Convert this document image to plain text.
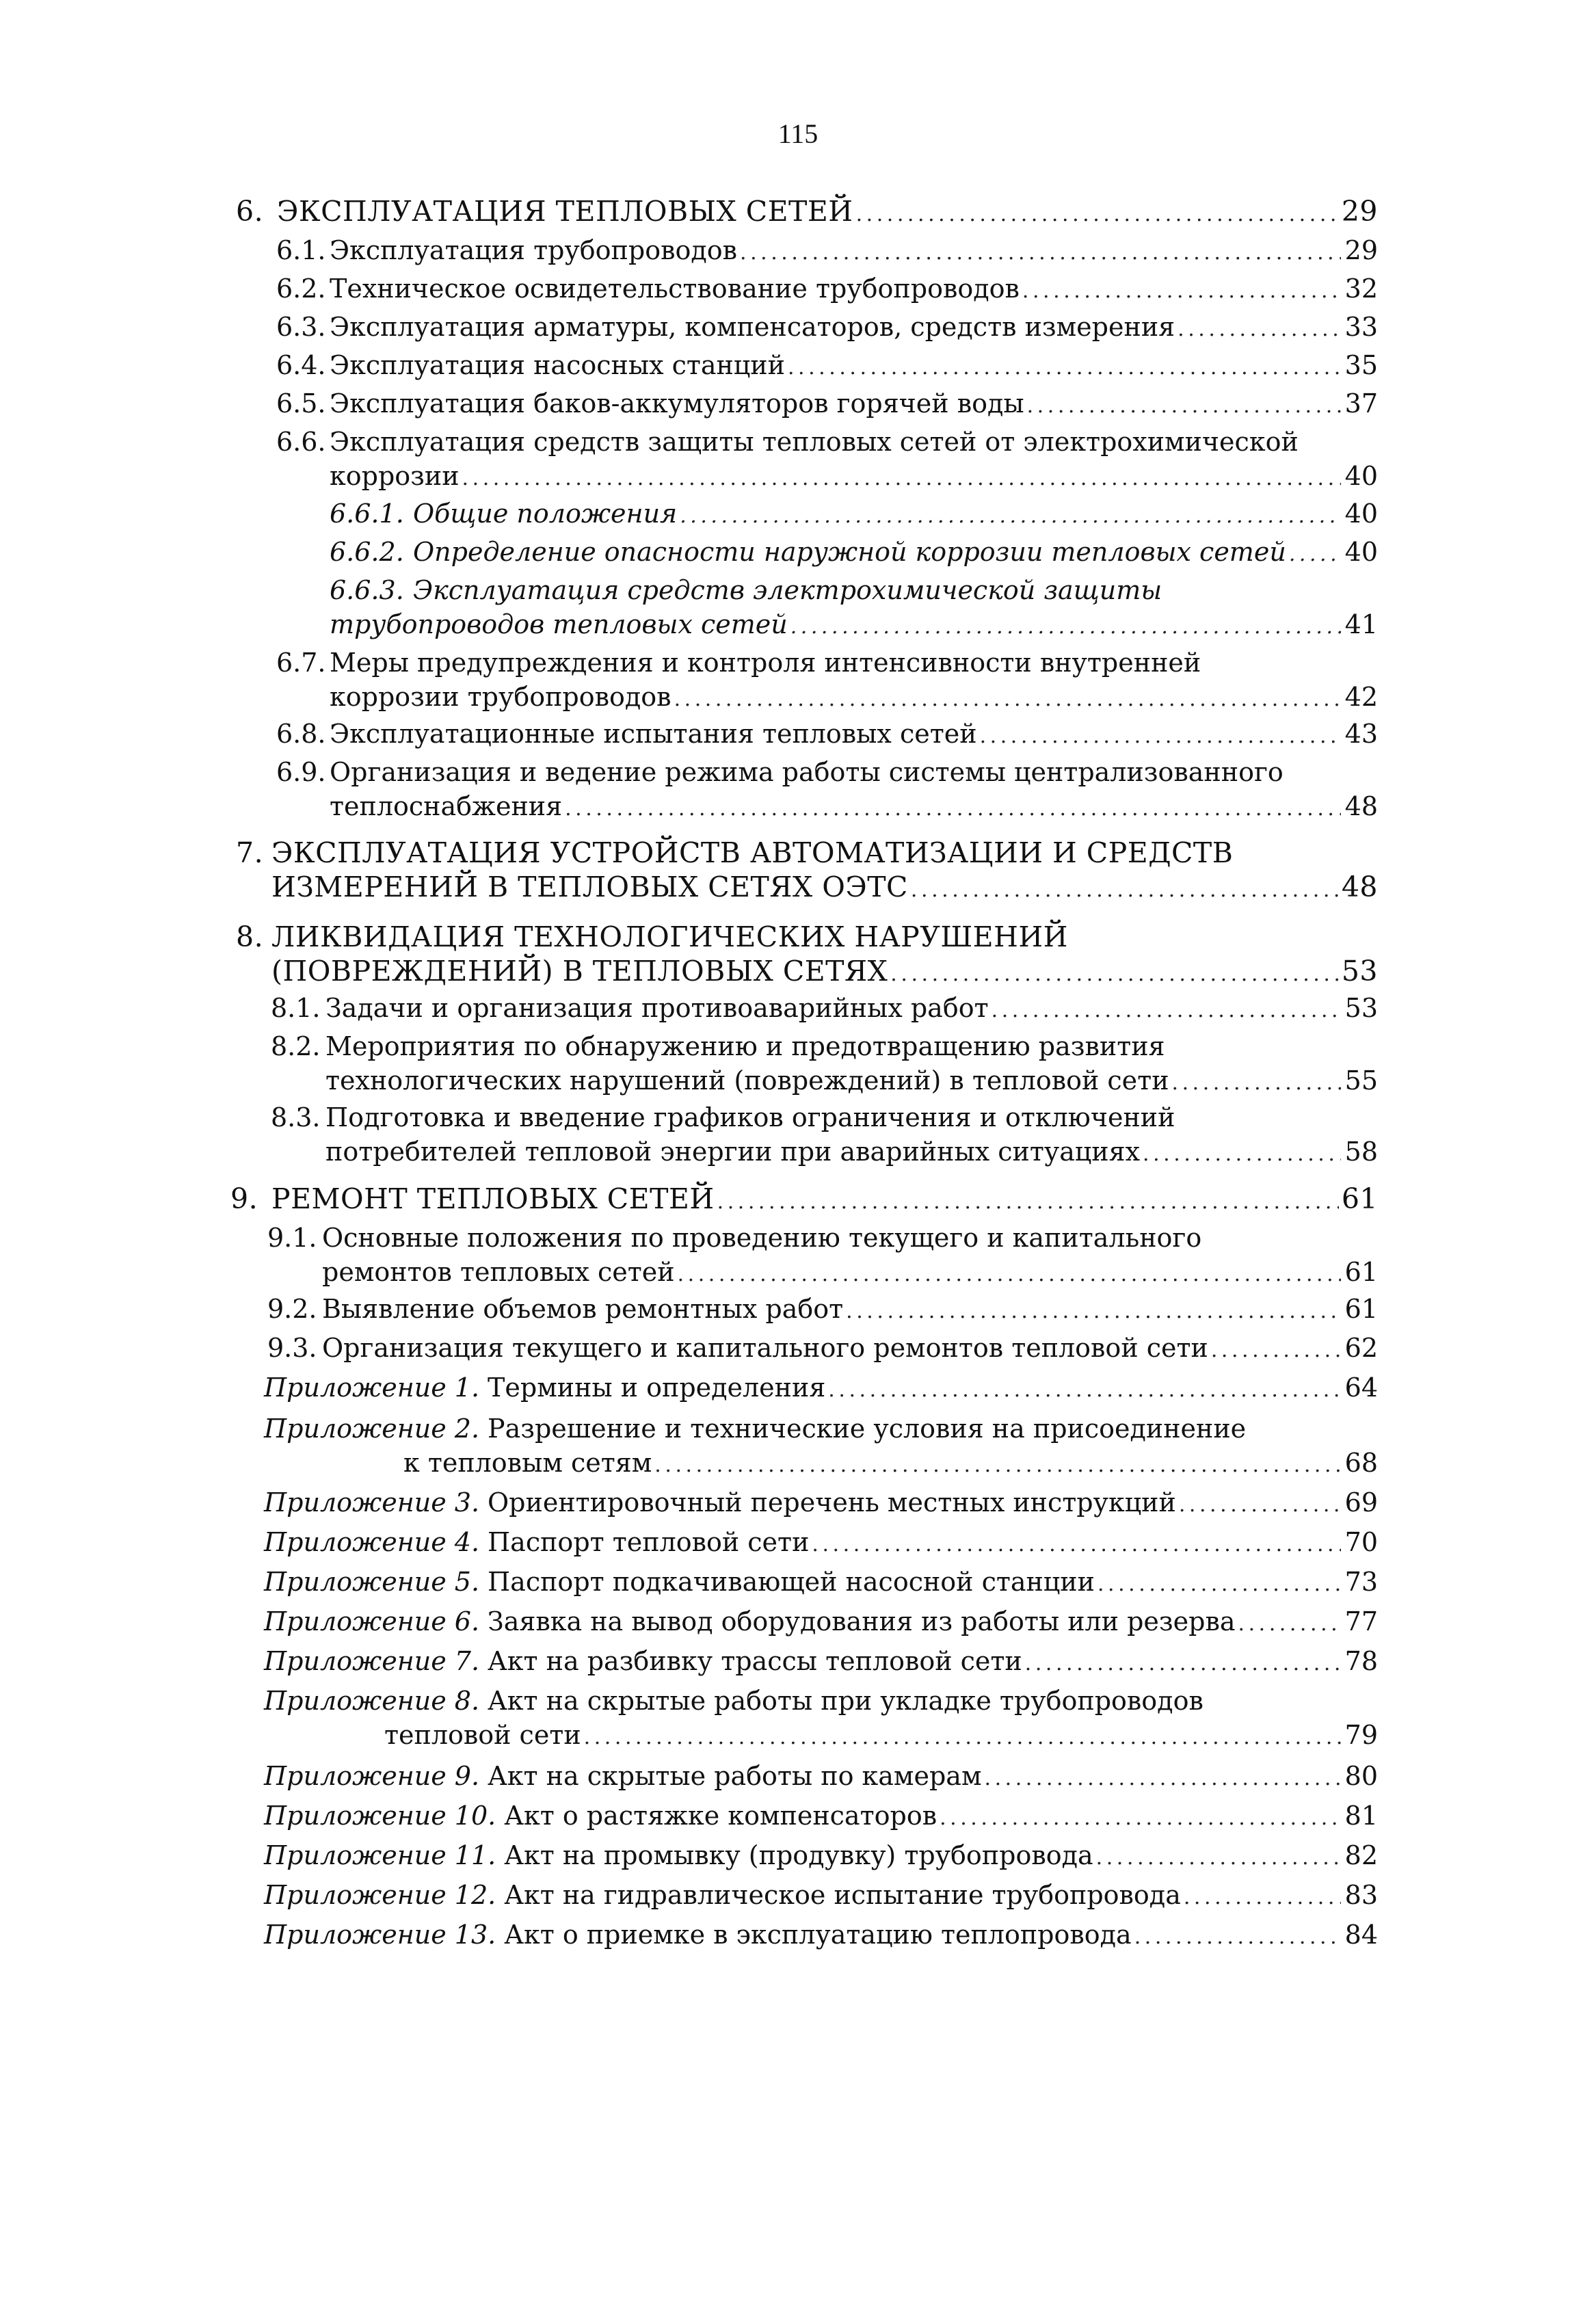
115
6. ЭКСПЛУАТАЦИЯ ТЕПЛОВЫХ СЕТЕЙ . . .	29
6.1. Эксплуатация трубопроводов . . .	29
6.2. Техническое освидетельствование трубопроводов . . .	32
6.3. Эксплуатация арматуры, компенсаторов, средств измерения . . .	33
6.4. Эксплуатация насосных станций . . .	35
6.5. Эксплуатация баков-аккумуляторов горячей воды . . .	37
6.6. Эксплуатация средств защиты тепловых сетей от электрохимической
коррозии . . .	40
6.6.1. Общие положения . . .	40
6.6.2. Определение опасности наружной коррозии тепловых сетей . . . 40
6.6.3. Эксплуатация средств электрохимической защиты
трубопроводов тепловых сетей . . .	41
6.7. Меры предупреждения и контроля интенсивности внутренней
коррозии трубопроводов . . .	42
6.8. Эксплуатационные испытания тепловых сетей . . .	43
6.9. Организация и ведение режима работы системы централизованного
теплоснабжения . . .	48
7. ЭКСПЛУАТАЦИЯ УСТРОЙСТВ АВТОМАТИЗАЦИИ И СРЕДСТВ
ИЗМЕРЕНИЙ В ТЕПЛОВЫХ СЕТЯХ ОЭТС . . .	48
8. ЛИКВИДАЦИЯ ТЕХНОЛОГИЧЕСКИХ НАРУШЕНИЙ
(ПОВРЕЖДЕНИЙ) В ТЕПЛОВЫХ СЕТЯХ . . .	53
8.1. Задачи и организация противоаварийных работ . . .	53
8.2. Мероприятия по обнаружению и предотвращению развития
технологических нарушений (повреждений) в тепловой сети . . .	55
8.3. Подготовка и введение графиков ограничения и отключений
потребителей тепловой энергии при аварийных ситуациях . . .	58
9. РЕМОНТ ТЕПЛОВЫХ СЕТЕЙ . . .	61
9.1. Основные положения по проведению текущего и капитального
ремонтов тепловых сетей . . .	61
9.2. Выявление объемов ремонтных работ . . .	61
9.3. Организация текущего и капитального ремонтов тепловой сети . . .	62
Приложение 1. Термины и определения . . .	64
Приложение 2. Разрешение и технические условия на присоединение
к тепловым сетям . . .	68
Приложение 3. Ориентировочный перечень местных инструкций . . .	69
Приложение 4. Паспорт тепловой сети . . .	70
Приложение 5. Паспорт подкачивающей насосной станции . . .	73
Приложение 6. Заявка на вывод оборудования из работы или резерва . . .	77
Приложение 7. Акт на разбивку трассы тепловой сети . . .	78
Приложение 8. Акт на скрытые работы при укладке трубопроводов
тепловой сети . . .	79
Приложение 9. Акт на скрытые работы по камерам . . .	80
Приложение 10. Акт о растяжке компенсаторов . . .	81
Приложение 11. Акт на промывку (продувку) трубопровода . . .	82
Приложение 12. Акт на гидравлическое испытание трубопровода . . .	83
Приложение 13. Акт о приемке в эксплуатацию теплопровода . . .	84
